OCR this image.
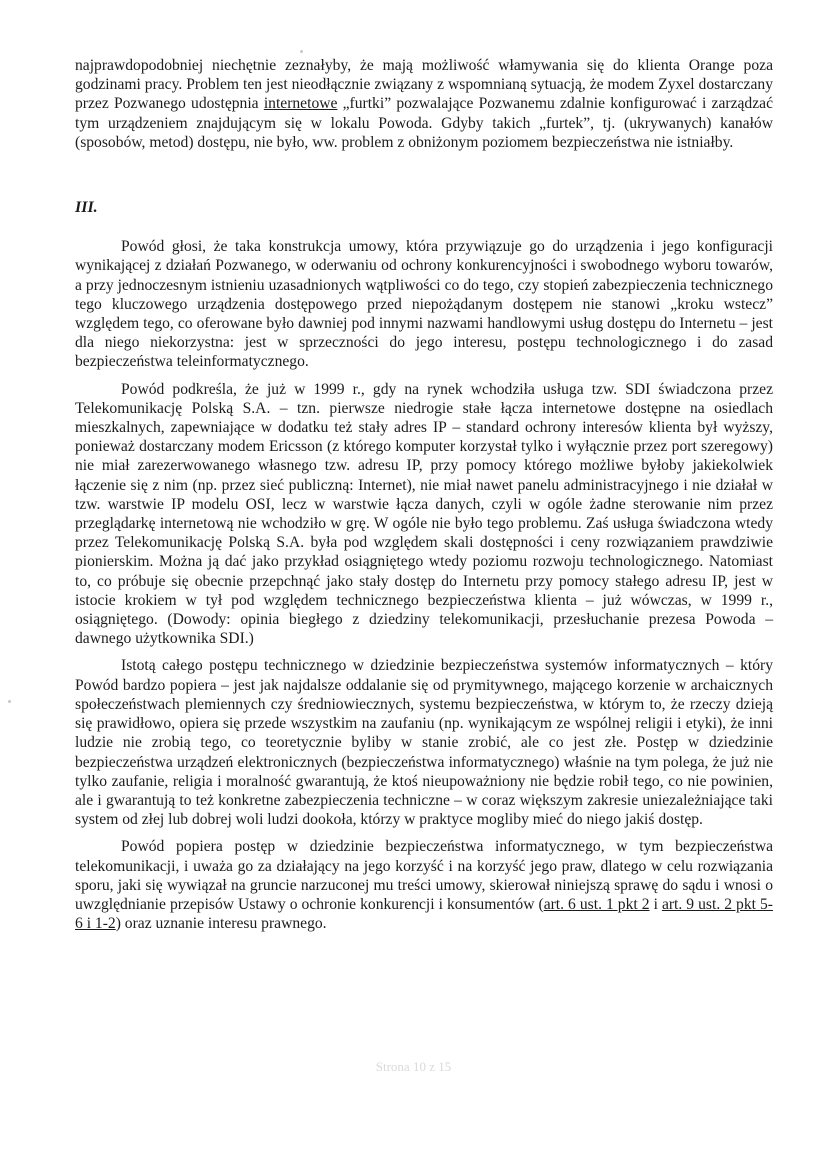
najprawdopodobniej niechętnie zeznałyby, że mają możliwość włamywania się do klienta Orange poza godzinami pracy. Problem ten jest nieodłącznie związany z wspomnianą sytuacją, że modem Zyxel dostarczany przez Pozwanego udostępnia internetowe „furtki” pozwalające Pozwanemu zdalnie konfigurować i zarządzać tym urządzeniem znajdującym się w lokalu Powoda. Gdyby takich „furtek”, tj. (ukrywanych) kanałów (sposobów, metod) dostępu, nie było, ww. problem z obniżonym poziomem bezpieczeństwa nie istniałby.

III.

Powód głosi, że taka konstrukcja umowy, która przywiązuje go do urządzenia i jego konfiguracji wynikającej z działań Pozwanego, w oderwaniu od ochrony konkurencyjności i swobodnego wyboru towarów, a przy jednoczesnym istnieniu uzasadnionych wątpliwości co do tego, czy stopień zabezpieczenia technicznego tego kluczowego urządzenia dostępowego przed niepożądanym dostępem nie stanowi „kroku wstecz” względem tego, co oferowane było dawniej pod innymi nazwami handlowymi usług dostępu do Internetu – jest dla niego niekorzystna: jest w sprzeczności do jego interesu, postępu technologicznego i do zasad bezpieczeństwa teleinformatycznego.

Powód podkreśla, że już w 1999 r., gdy na rynek wchodziła usługa tzw. SDI świadczona przez Telekomunikację Polską S.A. – tzn. pierwsze niedrogie stałe łącza internetowe dostępne na osiedlach mieszkalnych, zapewniające w dodatku też stały adres IP – standard ochrony interesów klienta był wyższy, ponieważ dostarczany modem Ericsson (z którego komputer korzystał tylko i wyłącznie przez port szeregowy) nie miał zarezerwowanego własnego tzw. adresu IP, przy pomocy którego możliwe byłoby jakiekolwiek łączenie się z nim (np. przez sieć publiczną: Internet), nie miał nawet panelu administracyjnego i nie działał w tzw. warstwie IP modelu OSI, lecz w warstwie łącza danych, czyli w ogóle żadne sterowanie nim przez przeglądarkę internetową nie wchodziło w grę. W ogóle nie było tego problemu. Zaś usługa świadczona wtedy przez Telekomunikację Polską S.A. była pod względem skali dostępności i ceny rozwiązaniem prawdziwie pionierskim. Można ją dać jako przykład osiągniętego wtedy poziomu rozwoju technologicznego. Natomiast to, co próbuje się obecnie przepchnąć jako stały dostęp do Internetu przy pomocy stałego adresu IP, jest w istocie krokiem w tył pod względem technicznego bezpieczeństwa klienta – już wówczas, w 1999 r., osiągniętego. (Dowody: opinia biegłego z dziedziny telekomunikacji, przesłuchanie prezesa Powoda – dawnego użytkownika SDI.)

Istotą całego postępu technicznego w dziedzinie bezpieczeństwa systemów informatycznych – który Powód bardzo popiera – jest jak najdalsze oddalanie się od prymitywnego, mającego korzenie w archaicznych społeczeństwach plemiennych czy średniowiecznych, systemu bezpieczeństwa, w którym to, że rzeczy dzieją się prawidłowo, opiera się przede wszystkim na zaufaniu (np. wynikającym ze wspólnej religii i etyki), że inni ludzie nie zrobią tego, co teoretycznie byliby w stanie zrobić, ale co jest złe. Postęp w dziedzinie bezpieczeństwa urządzeń elektronicznych (bezpieczeństwa informatycznego) właśnie na tym polega, że już nie tylko zaufanie, religia i moralność gwarantują, że ktoś nieupoważniony nie będzie robił tego, co nie powinien, ale i gwarantują to też konkretne zabezpieczenia techniczne – w coraz większym zakresie uniezależniające taki system od złej lub dobrej woli ludzi dookoła, którzy w praktyce mogliby mieć do niego jakiś dostęp.

Powód popiera postęp w dziedzinie bezpieczeństwa informatycznego, w tym bezpieczeństwa telekomunikacji, i uważa go za działający na jego korzyść i na korzyść jego praw, dlatego w celu rozwiązania sporu, jaki się wywiązał na gruncie narzuconej mu treści umowy, skierował niniejszą sprawę do sądu i wnosi o uwzględnianie przepisów Ustawy o ochronie konkurencji i konsumentów (art. 6 ust. 1 pkt 2 i art. 9 ust. 2 pkt 5-6 i 1-2) oraz uznanie interesu prawnego.

Strona 10 z 15
